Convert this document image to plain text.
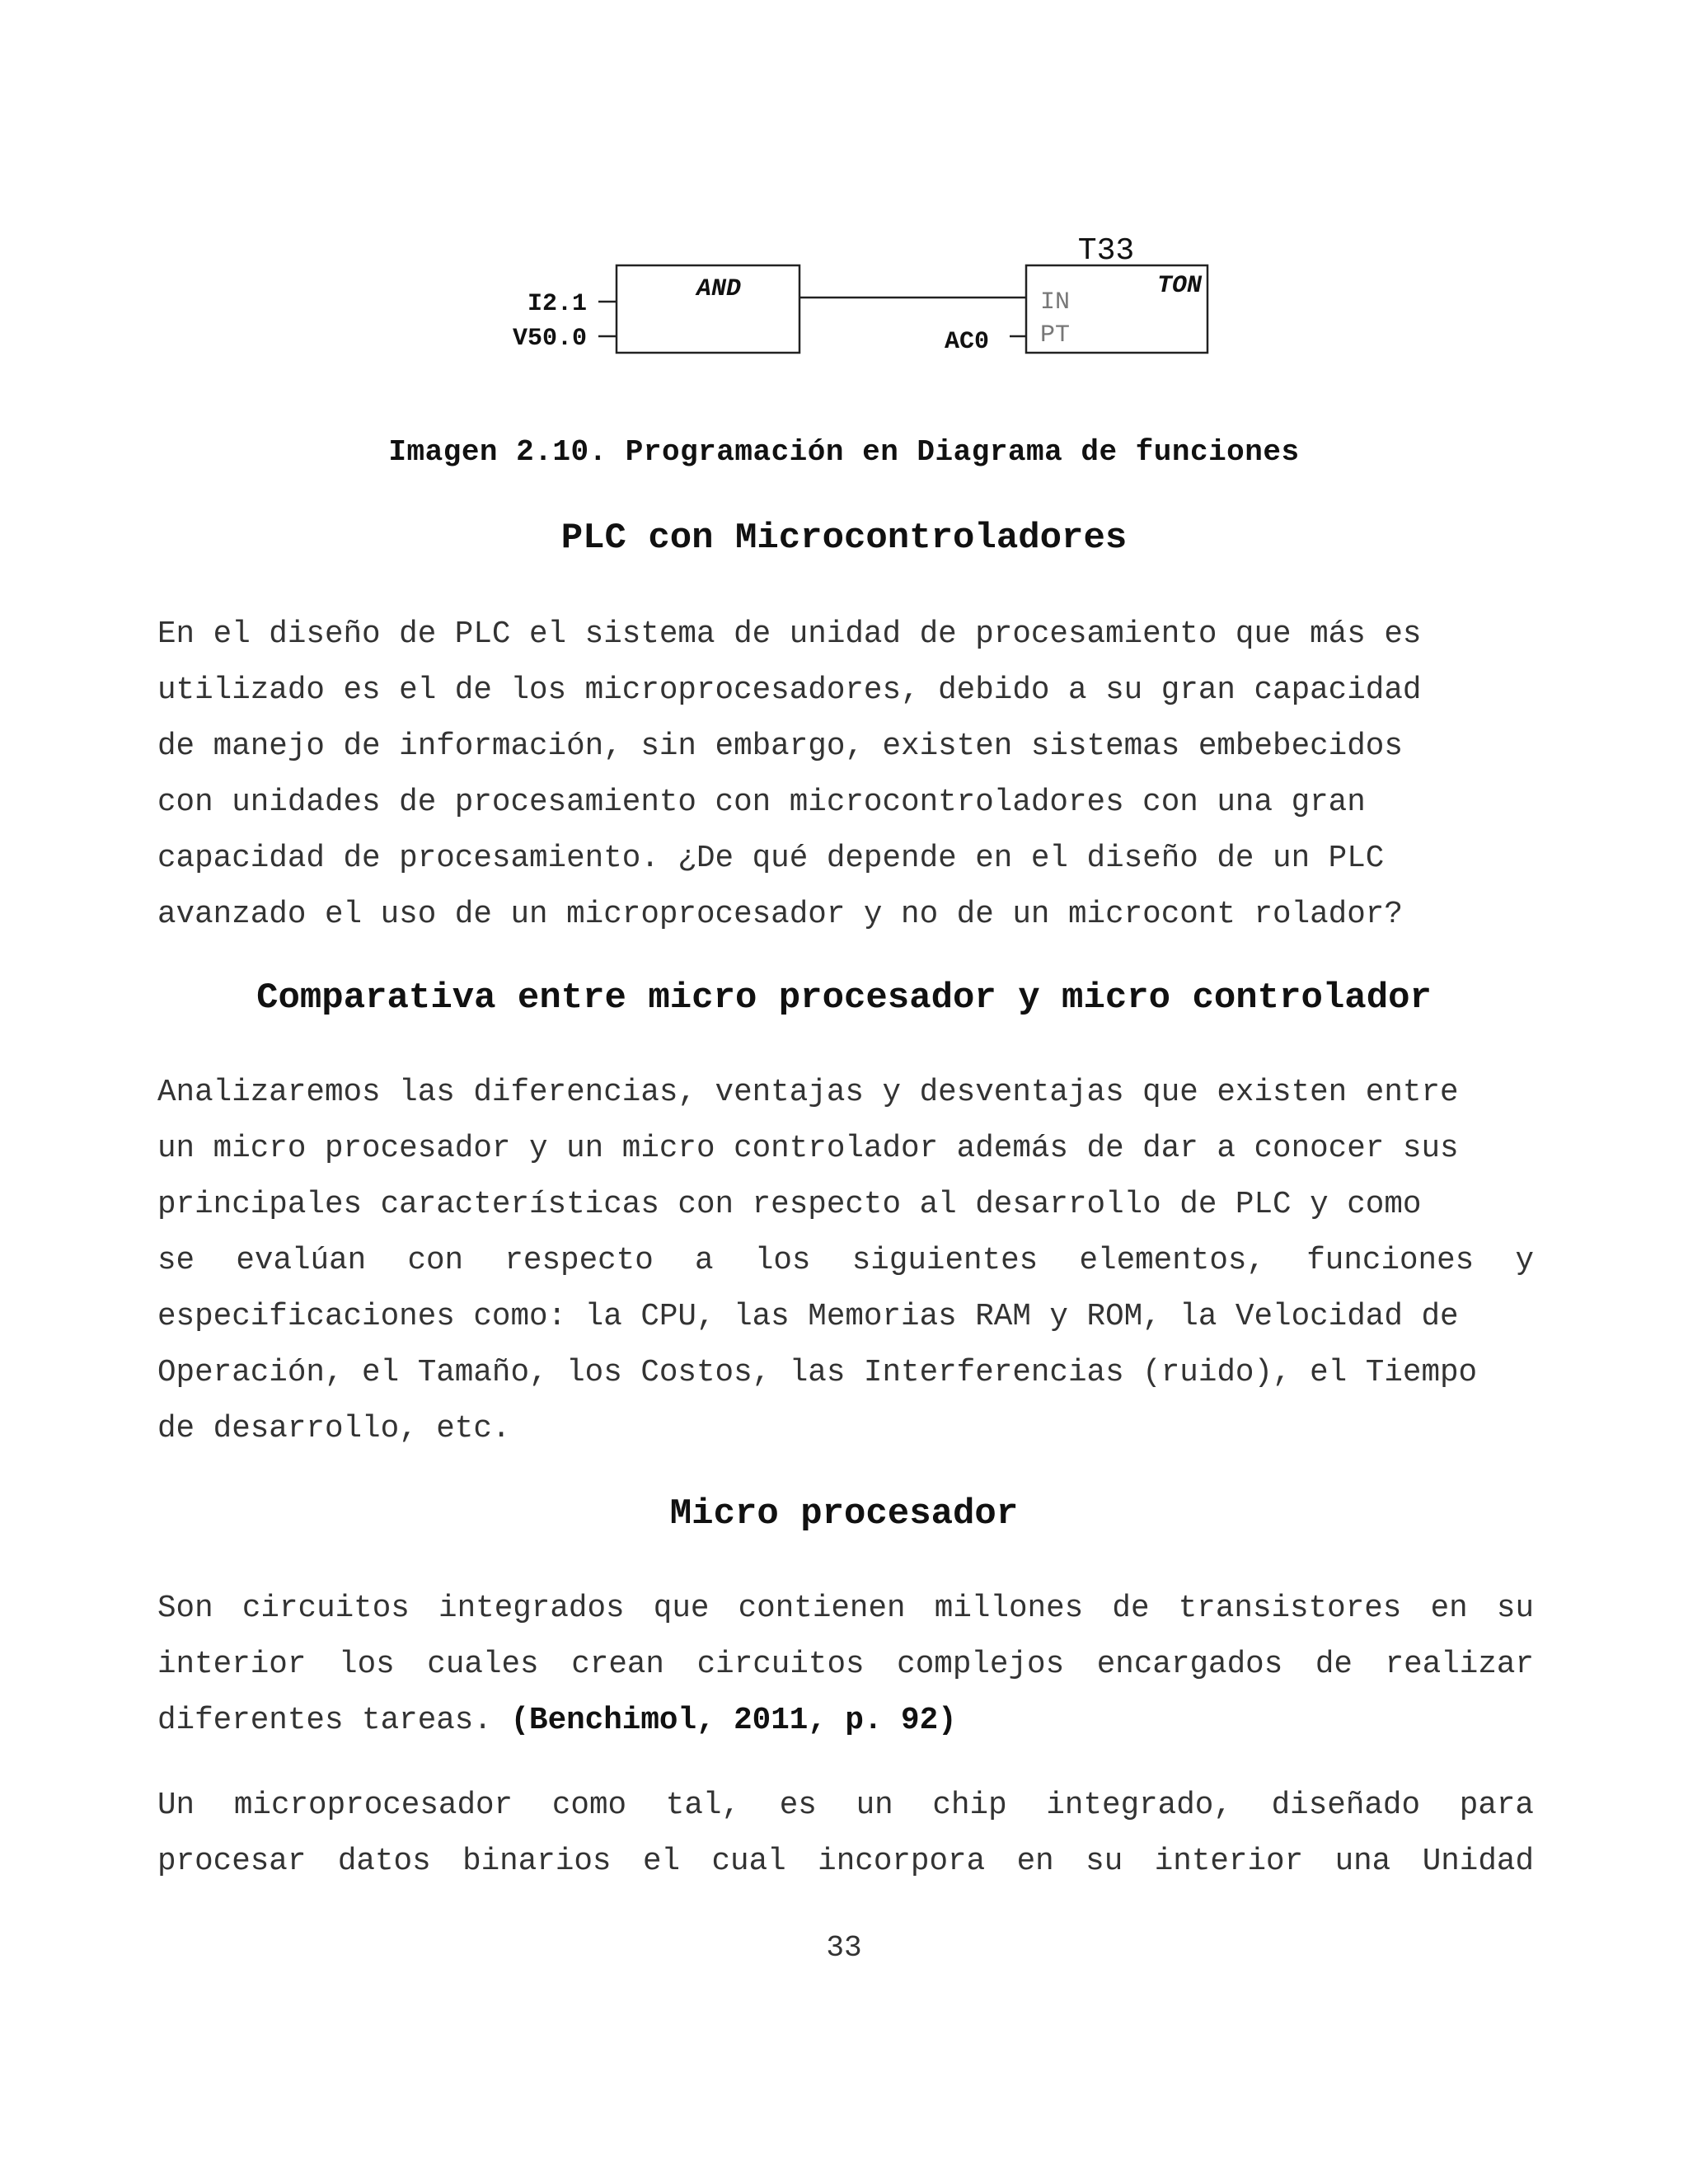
AND
I2.1
V50.0
T33
TON
IN
PT
AC0
Imagen 2.10. Programación en Diagrama de funciones
PLC con Microcontroladores

En el diseño de PLC el sistema de unidad de procesamiento que más es
utilizado es el de los microprocesadores, debido a su gran capacidad
de manejo de información, sin embargo, existen sistemas embebecidos
con unidades de procesamiento con microcontroladores con una gran
capacidad de procesamiento. ¿De qué depende en el diseño de un PLC
avanzado el uso de un microprocesador y no de un microcont rolador?

Comparativa entre micro procesador y micro controlador

Analizaremos las diferencias, ventajas y desventajas que existen entre
un micro procesador y un micro controlador además de dar a conocer sus
principales características con respecto al desarrollo de PLC y como
se evalúan con respecto a los siguientes elementos, funciones y
especificaciones como: la CPU, las Memorias RAM y ROM, la Velocidad de
Operación, el Tamaño, los Costos, las Interferencias (ruido), el Tiempo
de desarrollo, etc.

Micro procesador

Son circuitos integrados que contienen millones de transistores en su
interior los cuales crean circuitos complejos encargados de realizar
diferentes tareas. (Benchimol, 2011, p. 92)

Un microprocesador como tal, es un chip integrado, diseñado para
procesar datos binarios el cual incorpora en su interior una Unidad

33
